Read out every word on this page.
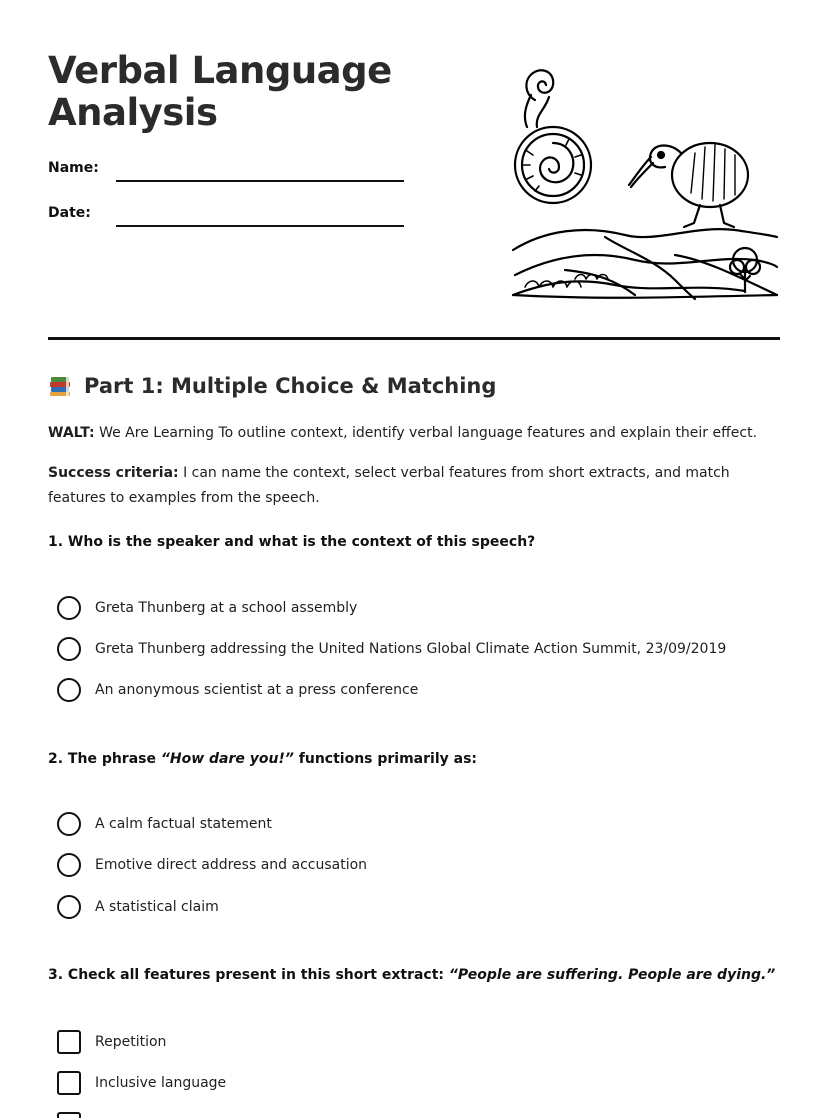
Verbal Language
Analysis
Name:
Date:
Part 1: Multiple Choice & Matching
WALT: We Are Learning To outline context, identify verbal language features and explain their effect.
Success criteria: I can name the context, select verbal features from short extracts, and match features to examples from the speech.
1. Who is the speaker and what is the context of this speech?
Greta Thunberg at a school assembly
Greta Thunberg addressing the United Nations Global Climate Action Summit, 23/09/2019
An anonymous scientist at a press conference
2. The phrase “How dare you!” functions primarily as:
A calm factual statement
Emotive direct address and accusation
A statistical claim
3. Check all features present in this short extract: “People are suffering. People are dying.”
Repetition
Inclusive language
